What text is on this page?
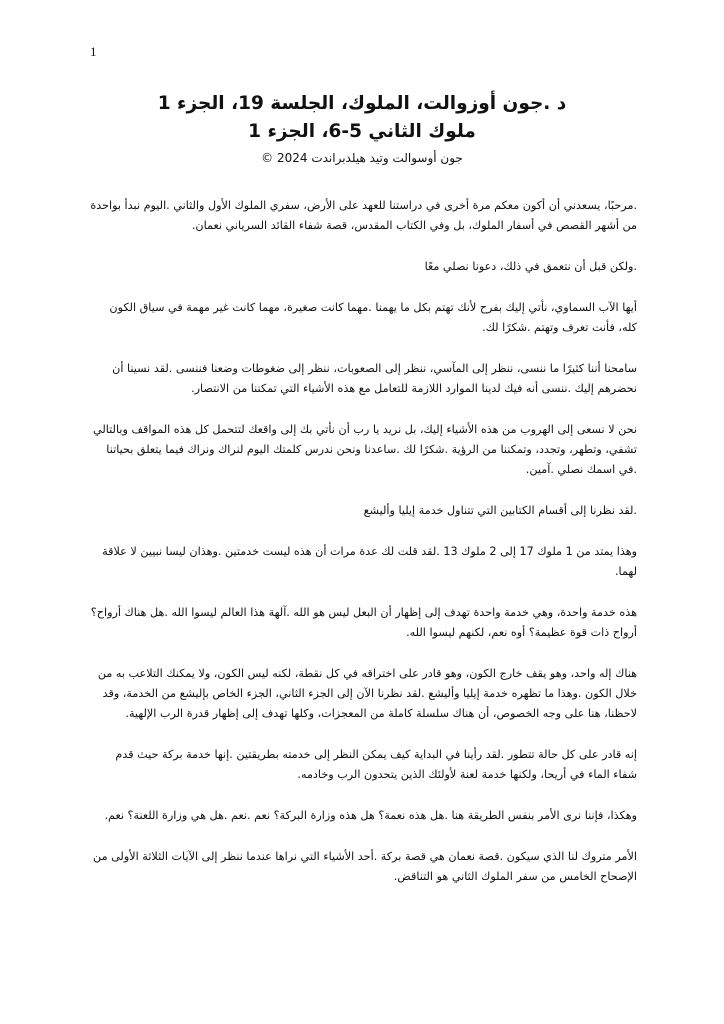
1

د .جون أوزوالت، الملوك، الجلسة 19، الجزء 1

ملوك الثاني 5-6، الجزء 1

جون أوسوالت وتيد هيلدبراندت 2024 ©

.مرحبًا، يسعدني أن أكون معكم مرة أخرى في دراستنا للعهد على الأرض، سفري الملوك الأول والثاني .اليوم نبدأ بواحدة من أشهر القصص في أسفار الملوك، بل وفي الكتاب المقدس، قصة شفاء القائد السرياني نعمان.

.ولكن قبل أن نتعمق في ذلك، دعونا نصلي معًا

أيها الآب السماوي، نأتي إليك بفرح لأنك تهتم بكل ما يهمنا .مهما كانت صغيرة، مهما كانت غير مهمة في سياق الكون كله، فأنت تعرف وتهتم .شكرًا لك.

سامحنا أننا كثيرًا ما ننسى، ننظر إلى المآسي، ننظر إلى الصعوبات، ننظر إلى ضغوطات وضعنا فننسى .لقد نسينا أن نحضرهم إليك .ننسى أنه فيك لدينا الموارد اللازمة للتعامل مع هذه الأشياء التي تمكننا من الانتصار.

نحن لا نسعى إلى الهروب من هذه الأشياء إليك، بل نريد يا رب أن نأتي بك إلى واقعك لتتحمل كل هذه المواقف وبالتالي تشفي، وتطهر، وتجدد، وتمكننا من الرؤية .شكرًا لك .ساعدنا ونحن ندرس كلمتك اليوم لنراك ونراك فيما يتعلق بحياتنا .في اسمك نصلي .آمين.

.لقد نظرنا إلى أقسام الكتابين التي تتناول خدمة إيليا وأليشع

وهذا يمتد من 1 ملوك 17 إلى 2 ملوك 13 .لقد قلت لك عدة مرات أن هذه ليست خدمتين .وهذان ليسا نبيين لا علاقة لهما.

هذه خدمة واحدة، وهي خدمة واحدة تهدف إلى إظهار أن البعل ليس هو الله .آلهة هذا العالم ليسوا الله .هل هناك أرواح؟ أرواح ذات قوة عظيمة؟ أوه نعم، لكنهم ليسوا الله.

هناك إله واحد، وهو يقف خارج الكون، وهو قادر على اختراقه في كل نقطة، لكنه ليس الكون، ولا يمكنك التلاعب به من خلال الكون .وهذا ما تظهره خدمة إيليا وأليشع .لقد نظرنا الآن إلى الجزء الثاني، الجزء الخاص بإليشع من الخدمة، وقد لاحظنا، هنا على وجه الخصوص، أن هناك سلسلة كاملة من المعجزات، وكلها تهدف إلى إظهار قدرة الرب الإلهية.

إنه قادر على كل حالة تتطور .لقد رأينا في البداية كيف يمكن النظر إلى خدمته بطريقتين .إنها خدمة بركة حيث قدم شفاء الماء في أريحا، ولكنها خدمة لعنة لأولئك الذين يتحدون الرب وخادمه.

وهكذا، فإننا نرى الأمر بنفس الطريقة هنا .هل هذه نعمة؟ هل هذه وزارة البركة؟ نعم .نعم .هل هي وزارة اللعنة؟ نعم.

الأمر متروك لنا الذي سيكون .قصة نعمان هي قصة بركة .أحد الأشياء التي نراها عندما ننظر إلى الآيات الثلاثة الأولى من الإصحاح الخامس من سفر الملوك الثاني هو التناقض.
